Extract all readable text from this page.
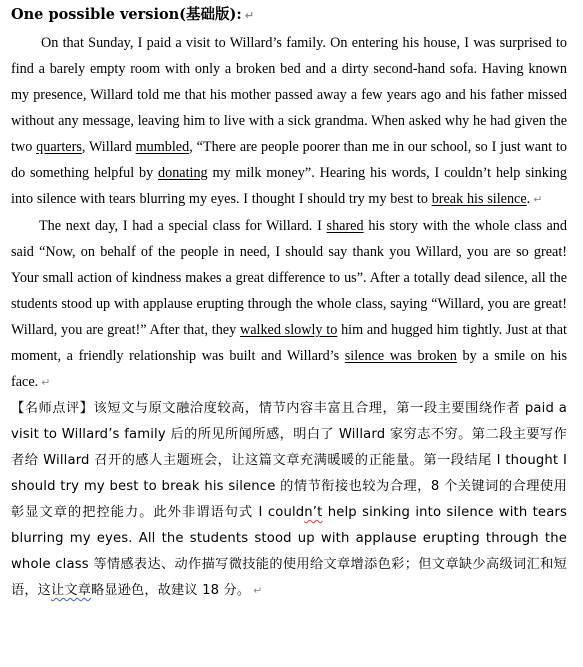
One possible version(基础版): ↵

On that Sunday, I paid a visit to Willard’s family. On entering his house, I was surprised to find a barely empty room with only a broken bed and a dirty second-hand sofa. Having known my presence, Willard told me that his mother passed away a few years ago and his father missed without any message, leaving him to live with a sick grandma. When asked why he had given the two quarters, Willard mumbled, “There are people poorer than me in our school, so I just want to do something helpful by donating my milk money”. Hearing his words, I couldn’t help sinking into silence with tears blurring my eyes. I thought I should try my best to break his silence. ↵

The next day, I had a special class for Willard. I shared his story with the whole class and said “Now, on behalf of the people in need, I should say thank you Willard, you are so great! Your small action of kindness makes a great difference to us”. After a totally dead silence, all the students stood up with applause erupting through the whole class, saying “Willard, you are great! Willard, you are great!” After that, they walked slowly to him and hugged him tightly. Just at that moment, a friendly relationship was built and Willard’s silence was broken by a smile on his face. ↵

【名师点评】该短文与原文融洽度较高，情节内容丰富且合理，第一段主要围绕作者 paid a visit to Willard’s family 后的所见所闻所感，明白了 Willard 家穷志不穷。第二段主要写作者给 Willard 召开的感人主题班会，让这篇文章充满暖暖的正能量。第一段结尾 I thought I should try my best to break his silence 的情节衔接也较为合理，8 个关键词的合理使用彰显文章的把控能力。此外非谓语句式 I couldn’t help sinking into silence with tears blurring my eyes. All the students stood up with applause erupting through the whole class 等情感表达、动作描写微技能的使用给文章增添色彩；但文章缺少高级词汇和短语，这让文章略显逊色，故建议 18 分。 ↵
